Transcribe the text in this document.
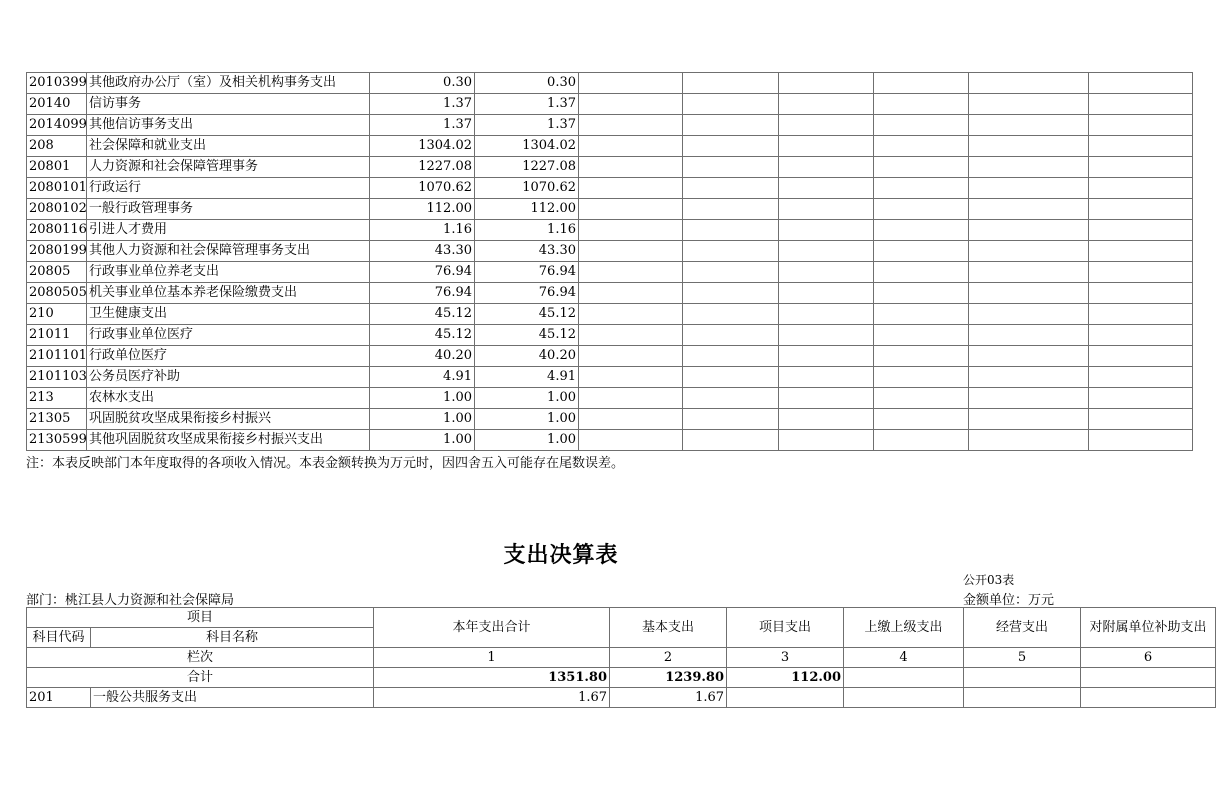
2010399	其他政府办公厅（室）及相关机构事务支出	0.30	0.30						
20140	信访事务	1.37	1.37						
2014099	其他信访事务支出	1.37	1.37						
208	社会保障和就业支出	1304.02	1304.02						
20801	人力资源和社会保障管理事务	1227.08	1227.08						
2080101	行政运行	1070.62	1070.62						
2080102	一般行政管理事务	112.00	112.00						
2080116	引进人才费用	1.16	1.16						
2080199	其他人力资源和社会保障管理事务支出	43.30	43.30						
20805	行政事业单位养老支出	76.94	76.94						
2080505	机关事业单位基本养老保险缴费支出	76.94	76.94						
210	卫生健康支出	45.12	45.12						
21011	行政事业单位医疗	45.12	45.12						
2101101	行政单位医疗	40.20	40.20						
2101103	公务员医疗补助	4.91	4.91						
213	农林水支出	1.00	1.00						
21305	巩固脱贫攻坚成果衔接乡村振兴	1.00	1.00						
2130599	其他巩固脱贫攻坚成果衔接乡村振兴支出	1.00	1.00						
注：本表反映部门本年度取得的各项收入情况。本表金额转换为万元时，因四舍五入可能存在尾数误差。
支出决算表
公开03表
部门：桃江县人力资源和社会保障局	金额单位：万元
项目		本年支出合计	基本支出	项目支出	上缴上级支出	经营支出	对附属单位补助支出
科目代码	科目名称						
栏次		1	2	3	4	5	6
合计		1351.80	1239.80	112.00			
201	一般公共服务支出	1.67	1.67				
